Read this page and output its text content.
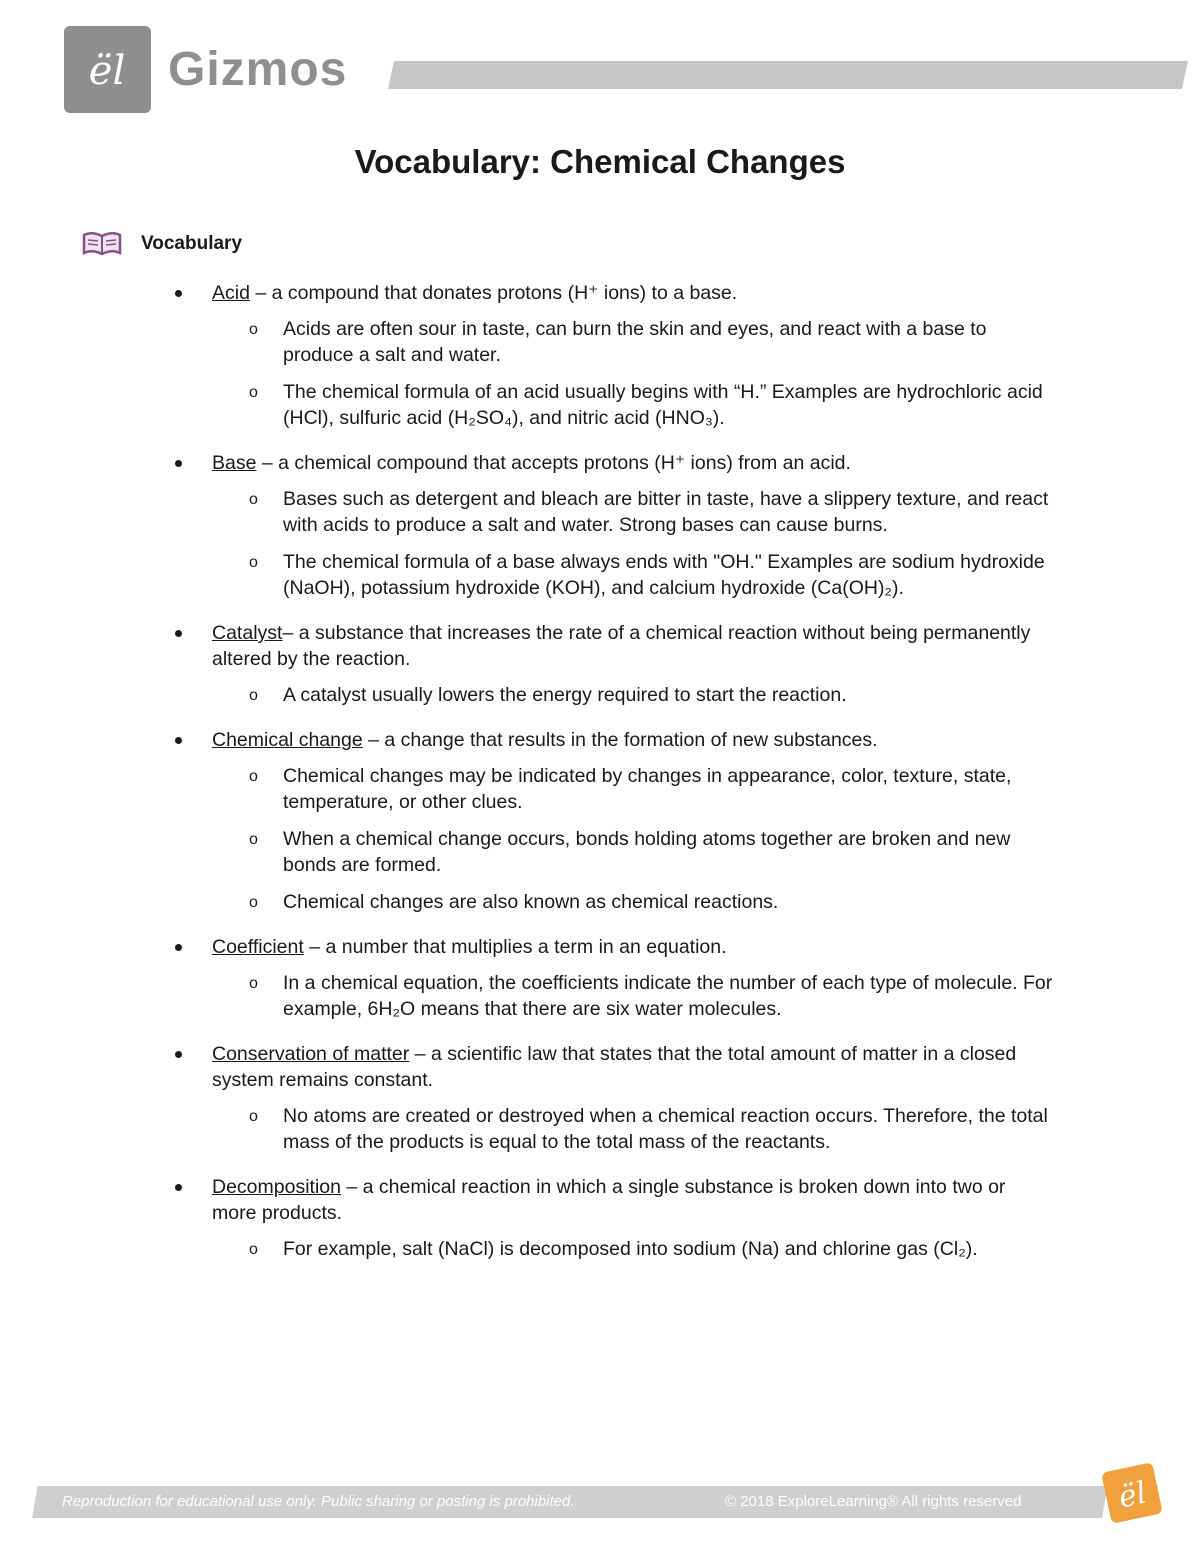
ël Gizmos
Vocabulary: Chemical Changes
Vocabulary
Acid – a compound that donates protons (H⁺ ions) to a base.
o Acids are often sour in taste, can burn the skin and eyes, and react with a base to produce a salt and water.
o The chemical formula of an acid usually begins with “H.” Examples are hydrochloric acid (HCl), sulfuric acid (H₂SO₄), and nitric acid (HNO₃).
Base – a chemical compound that accepts protons (H⁺ ions) from an acid.
o Bases such as detergent and bleach are bitter in taste, have a slippery texture, and react with acids to produce a salt and water. Strong bases can cause burns.
o The chemical formula of a base always ends with "OH." Examples are sodium hydroxide (NaOH), potassium hydroxide (KOH), and calcium hydroxide (Ca(OH)₂).
Catalyst– a substance that increases the rate of a chemical reaction without being permanently altered by the reaction.
o A catalyst usually lowers the energy required to start the reaction.
Chemical change – a change that results in the formation of new substances.
o Chemical changes may be indicated by changes in appearance, color, texture, state, temperature, or other clues.
o When a chemical change occurs, bonds holding atoms together are broken and new bonds are formed.
o Chemical changes are also known as chemical reactions.
Coefficient – a number that multiplies a term in an equation.
o In a chemical equation, the coefficients indicate the number of each type of molecule. For example, 6H₂O means that there are six water molecules.
Conservation of matter – a scientific law that states that the total amount of matter in a closed system remains constant.
o No atoms are created or destroyed when a chemical reaction occurs. Therefore, the total mass of the products is equal to the total mass of the reactants.
Decomposition – a chemical reaction in which a single substance is broken down into two or more products.
o For example, salt (NaCl) is decomposed into sodium (Na) and chlorine gas (Cl₂).
Reproduction for educational use only. Public sharing or posting is prohibited.	© 2018 ExploreLearning® All rights reserved	ël
